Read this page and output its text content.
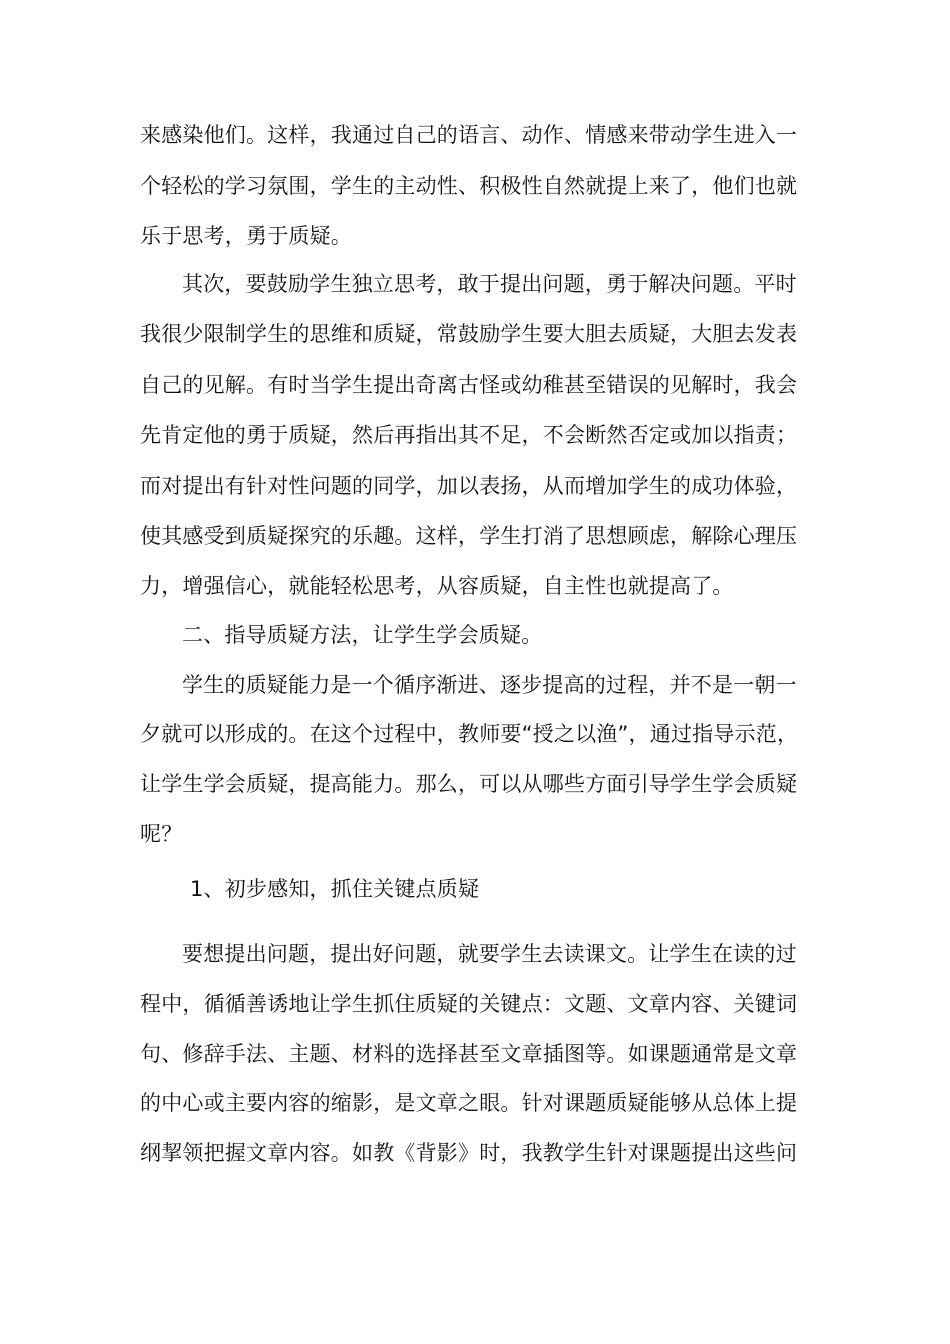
来感染他们。这样，我通过自己的语言、动作、情感来带动学生进入一
个轻松的学习氛围，学生的主动性、积极性自然就提上来了，他们也就
乐于思考，勇于质疑。
其次，要鼓励学生独立思考，敢于提出问题，勇于解决问题。平时
我很少限制学生的思维和质疑，常鼓励学生要大胆去质疑，大胆去发表
自己的见解。有时当学生提出奇离古怪或幼稚甚至错误的见解时，我会
先肯定他的勇于质疑，然后再指出其不足，不会断然否定或加以指责；
而对提出有针对性问题的同学，加以表扬，从而增加学生的成功体验，
使其感受到质疑探究的乐趣。这样，学生打消了思想顾虑，解除心理压
力，增强信心，就能轻松思考，从容质疑，自主性也就提高了。
二、指导质疑方法，让学生学会质疑。
学生的质疑能力是一个循序渐进、逐步提高的过程，并不是一朝一
夕就可以形成的。在这个过程中，教师要“授之以渔”，通过指导示范，
让学生学会质疑，提高能力。那么，可以从哪些方面引导学生学会质疑
呢？
1、初步感知，抓住关键点质疑
要想提出问题，提出好问题，就要学生去读课文。让学生在读的过
程中，循循善诱地让学生抓住质疑的关键点：文题、文章内容、关键词
句、修辞手法、主题、材料的选择甚至文章插图等。如课题通常是文章
的中心或主要内容的缩影，是文章之眼。针对课题质疑能够从总体上提
纲挈领把握文章内容。如教《背影》时，我教学生针对课题提出这些问
